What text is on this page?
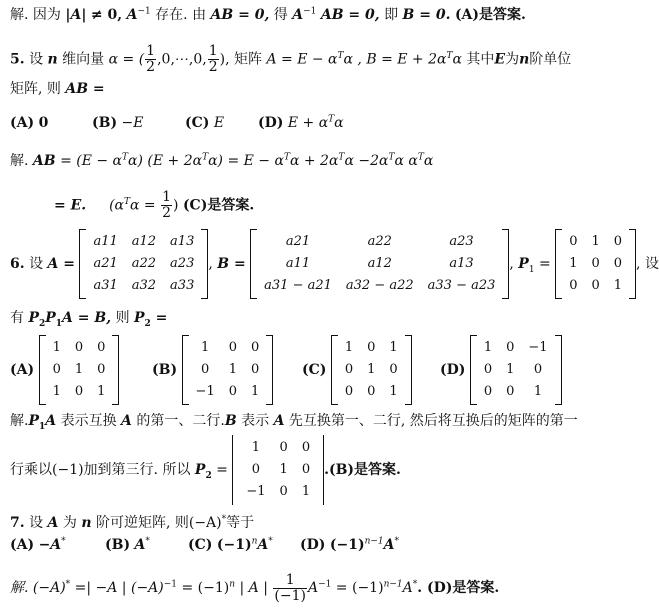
解. 因为 |A| ≠ 0, $A^{-1}$ 存在. 由 AB = 0, 得 $A^{-1}$ AB = 0, 即 B = 0. (A)是答案.
5. 设 n 维向量 α = ( $\frac{1}{2}$ ,0,⋯,0, $\frac{1}{2}$ ), 矩阵 $A = E - \alpha^T\alpha$ , $B = E + 2\alpha^T\alpha$ 其中E为n阶单位
矩阵, 则 AB =
(A) 0	(B) −E	(C) E (D) $E + \alpha^T\alpha$
解. AB = $(E - \alpha^T\alpha)$ $(E + 2\alpha^T\alpha) = E - \alpha^T\alpha + 2\alpha^T\alpha -2\alpha^T\alpha$ $\alpha^T\alpha$
= E. ($\alpha^T\alpha = \frac{1}{2}$ ) (C)是答案.
6. 设 A =
a11	a12	a13
a21	a22	a23
a31	a32	a33
, B =
a21	a22	a23
a11	a12	a13
a31 − a21	a32 − a22	a33 − a23
, $P_1$ =
0	1	0
1	0	0
0	0	1
, 设
有 $P_2P_1A = B$, 则 $P_2$ =
(A)
1	0	0
0	1	0
1	0	1
(B)
1	0	0
0	1	0
−1	0	1
(C)
1	0	1
0	1	0
0	0	1
(D)
1	0	−1
0	1	0
0	0	1
解$.P_1A$ 表示互换 A 的第一、二行.B 表示 A 先互换第一、二行, 然后将互换后的矩阵的第一
行乘以(−1)加到第三行. 所以 $P_2$ =
1	0	0
0	1	0
−1	0	1
.(B)是答案.
7. 设 A 为 n 阶可逆矩阵, 则(−A)*等于
(A) −A*	(B) A*	(C) $(-1)^nA^*$ (D) $(-1)^{n-1}A^*$
解. (−A)* =| −A | $(-A)^{-1} = (-1)^n$ | A | $\frac{1}{(-1)} A^{-1} = (-1)^{n-1}A^*$. (D)是答案.
